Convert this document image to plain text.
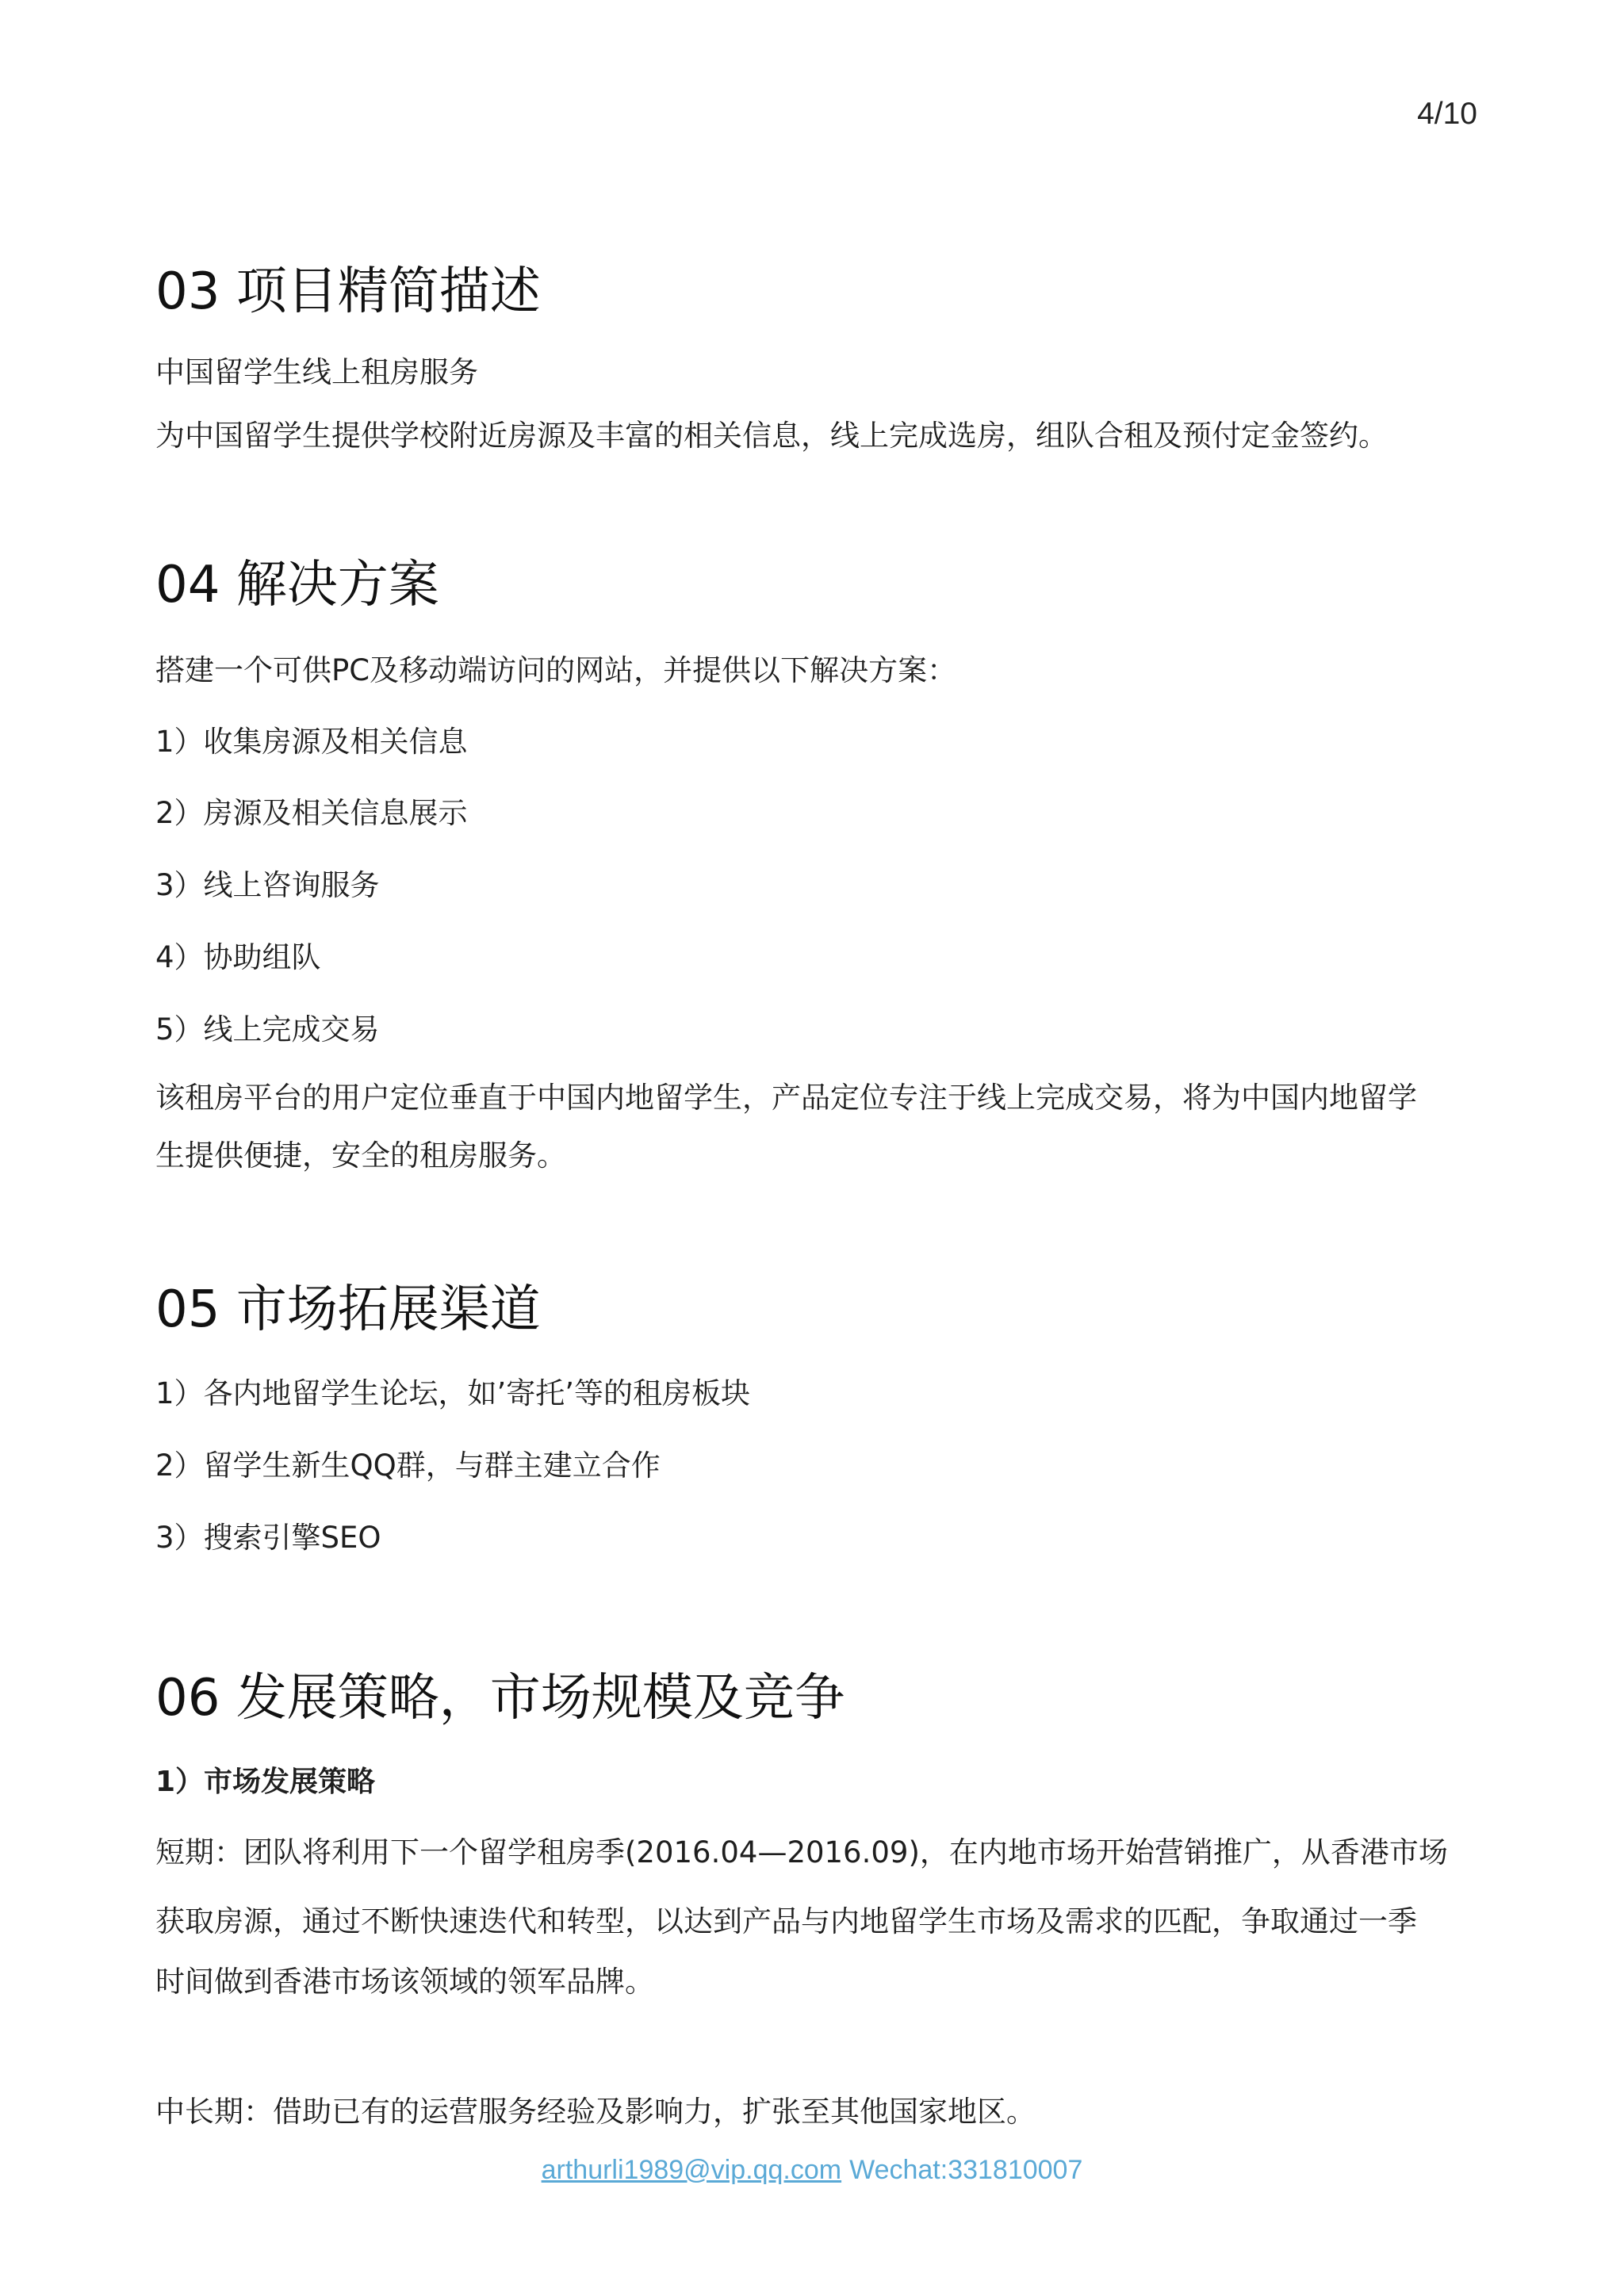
4/10
03 项目精简描述

中国留学生线上租房服务

为中国留学生提供学校附近房源及丰富的相关信息，线上完成选房，组队合租及预付定金签约。

04 解决方案

搭建一个可供PC及移动端访问的网站，并提供以下解决方案：

1）收集房源及相关信息

2）房源及相关信息展示

3）线上咨询服务

4）协助组队

5）线上完成交易

该租房平台的用户定位垂直于中国内地留学生，产品定位专注于线上完成交易，将为中国内地留学

生提供便捷，安全的租房服务。

05 市场拓展渠道

1）各内地留学生论坛，如’寄托’等的租房板块

2）留学生新生QQ群，与群主建立合作

3）搜索引擎SEO

06 发展策略，市场规模及竞争

1）市场发展策略

短期：团队将利用下一个留学租房季(2016.04—2016.09)，在内地市场开始营销推广，从香港市场

获取房源，通过不断快速迭代和转型，以达到产品与内地留学生市场及需求的匹配，争取通过一季

时间做到香港市场该领域的领军品牌。

中长期：借助已有的运营服务经验及影响力，扩张至其他国家地区。

arthurli1989@vip.qq.com Wechat:331810007
